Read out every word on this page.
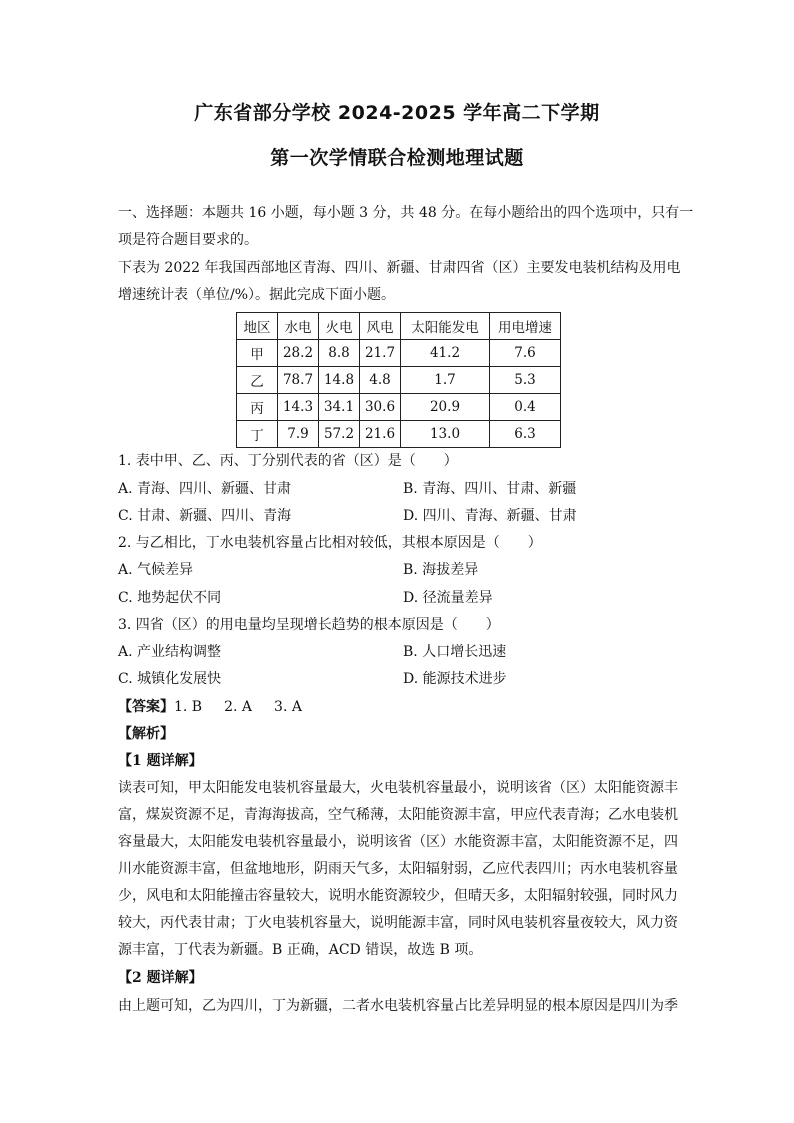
广东省部分学校 2024-2025 学年高二下学期
第一次学情联合检测地理试题
一、选择题：本题共 16 小题，每小题 3 分，共 48 分。在每小题给出的四个选项中，只有一
项是符合题目要求的。
下表为 2022 年我国西部地区青海、四川、新疆、甘肃四省（区）主要发电装机结构及用电
增速统计表（单位/%）。据此完成下面小题。
地区	水电	火电	风电	太阳能发电	用电增速
甲	28.2	8.8	21.7	41.2	7.6
乙	78.7	14.8	4.8	1.7	5.3
丙	14.3	34.1	30.6	20.9	0.4
丁	7.9	57.2	21.6	13.0	6.3
1. 表中甲、乙、丙、丁分别代表的省（区）是（　　）
A. 青海、四川、新疆、甘肃	B. 青海、四川、甘肃、新疆
C. 甘肃、新疆、四川、青海	D. 四川、青海、新疆、甘肃
2. 与乙相比，丁水电装机容量占比相对较低，其根本原因是（　　）
A. 气候差异	B. 海拔差异
C. 地势起伏不同	D. 径流量差异
3. 四省（区）的用电量均呈现增长趋势的根本原因是（　　）
A. 产业结构调整	B. 人口增长迅速
C. 城镇化发展快	D. 能源技术进步
【答案】1. B 2. A 3. A
【解析】
【1 题详解】
读表可知，甲太阳能发电装机容量最大，火电装机容量最小，说明该省（区）太阳能资源丰
富，煤炭资源不足，青海海拔高，空气稀薄，太阳能资源丰富，甲应代表青海；乙水电装机
容量最大，太阳能发电装机容量最小，说明该省（区）水能资源丰富，太阳能资源不足，四
川水能资源丰富，但盆地地形，阴雨天气多，太阳辐射弱，乙应代表四川；丙水电装机容量
少，风电和太阳能撞击容量较大，说明水能资源较少，但晴天多，太阳辐射较强，同时风力
较大，丙代表甘肃；丁火电装机容量大，说明能源丰富，同时风电装机容量夜较大，风力资
源丰富，丁代表为新疆。B 正确，ACD 错误，故选 B 项。
【2 题详解】
由上题可知，乙为四川，丁为新疆，二者水电装机容量占比差异明显的根本原因是四川为季
